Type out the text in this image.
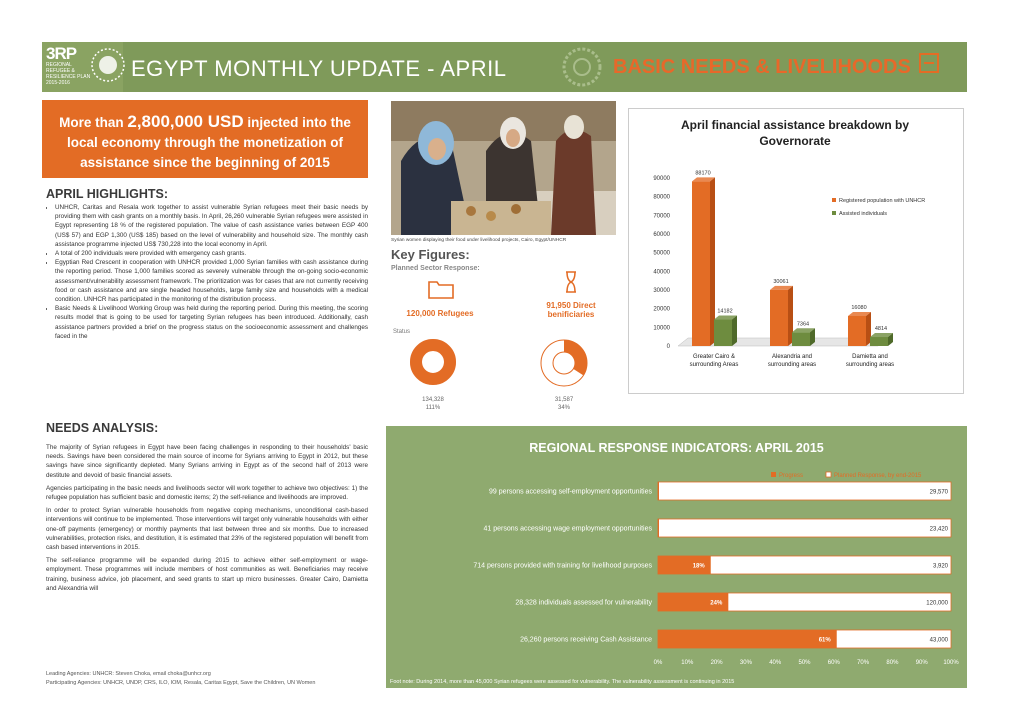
3RP
REGIONAL REFUGEE & RESILIENCE PLAN 2015-2016
EGYPT MONTHLY UPDATE - APRIL	BASIC NEEDS & LIVELIHOODS
More than 2,800,000 USD injected into the local economy through the monetization of assistance since the beginning of 2015
APRIL HIGHLIGHTS:
• UNHCR, Caritas and Resala work together to assist vulnerable Syrian refugees meet their basic needs by providing them with cash grants on a monthly basis. In April, 26,260 vulnerable Syrian refugees were assisted in Egypt representing 18 % of the registered population. The value of cash assistance varies between EGP 400 (US$ 57) and EGP 1,300 (US$ 185) based on the level of vulnerability and household size. The monthly cash assistance programme injected US$ 730,228 into the local economy in April.
• A total of 200 individuals were provided with emergency cash grants.
• Egyptian Red Crescent in cooperation with UNHCR provided 1,000 Syrian families with cash assistance during the reporting period. Those 1,000 families scored as severely vulnerable through the on-going socio-economic assessment/vulnerability assessment framework. The prioritization was for cases that are not currently receiving food or cash assistance and are single headed households, large family size and households with a medical condition. UNHCR has participated in the monitoring of the distribution process.
• Basic Needs & Livelihood Working Group was held during the reporting period. During this meeting, the scoring results model that is going to be used for targeting Syrian refugees has been introduced. Additionally, cash assistance partners provided a brief on the progress status on the socioeconomic assessment and challenges faced in the
NEEDS ANALYSIS:

The majority of Syrian refugees in Egypt have been facing challenges in responding to their households' basic needs. Savings have been considered the main source of income for Syrians arriving to Egypt in 2012, but these savings have since significantly depleted. Many Syrians arriving in Egypt as of the second half of 2013 were destitute and devoid of basic financial assets.

Agencies participating in the basic needs and livelihoods sector will work together to achieve two objectives: 1) the refugee population has sufficient basic and domestic items; 2) the self-reliance and livelihoods are improved.

In order to protect Syrian vulnerable households from negative coping mechanisms, unconditional cash-based interventions will continue to be implemented. Those interventions will target only vulnerable households with either one-off payments (emergency) or monthly payments that last between three and six months. Due to increased vulnerabilities, protection risks, and destitution, it is estimated that 23% of the registered population will benefit from cash based interventions in 2015.

The self-reliance programme will be expanded during 2015 to achieve either self-employment or wage-employment. These programmes will include members of host communities as well. Beneficiaries may receive training, business advice, job placement, and seed grants to start up micro businesses. Greater Cairo, Damietta and Alexandria will

Leading Agencies: UNHCR: Steven Choka, email choka@unhcr.org
Participating Agencies: UNHCR, UNDP, CRS, ILO, IOM, Resala, Caritas Egypt, Save the Children, UN Women
Syrian women displaying their food under livelihood projects, Cairo, Egypt/UNHCR
Key Figures:
Planned Sector Response:
120,000 Refugees
91,950 Direct benificiaries
Status
134,328
111%
31,587
34%
April financial assistance breakdown by Governorate
0
10000
20000
30000
40000
50000
60000
70000
80000
90000
88170
14182
Greater Cairo &
surrounding Areas
30061
7364
Alexandria and
surrounding areas
16080
4814
Damietta and
surrounding areas
Registered population with UNHCR
Assisted individuals
REGIONAL RESPONSE INDICATORS: APRIL 2015
Progress	Planned Response, by end-2015
99 persons accessing self-employment opportunities	29,570
41 persons accessing wage employment opportunities	23,420
714 persons provided with training for livelihood purposes	18%	3,920
28,328 individuals assessed for vulnerability	24%	120,000
26,260 persons receiving Cash Assistance	61%	43,000
0%	10%	20%	30%	40%	50%	60%	70%	80%	90%	100%
Foot note: During 2014, more than 45,000 Syrian refugees were assessed for vulnerability. The vulnerability assessment is continuing in 2015
